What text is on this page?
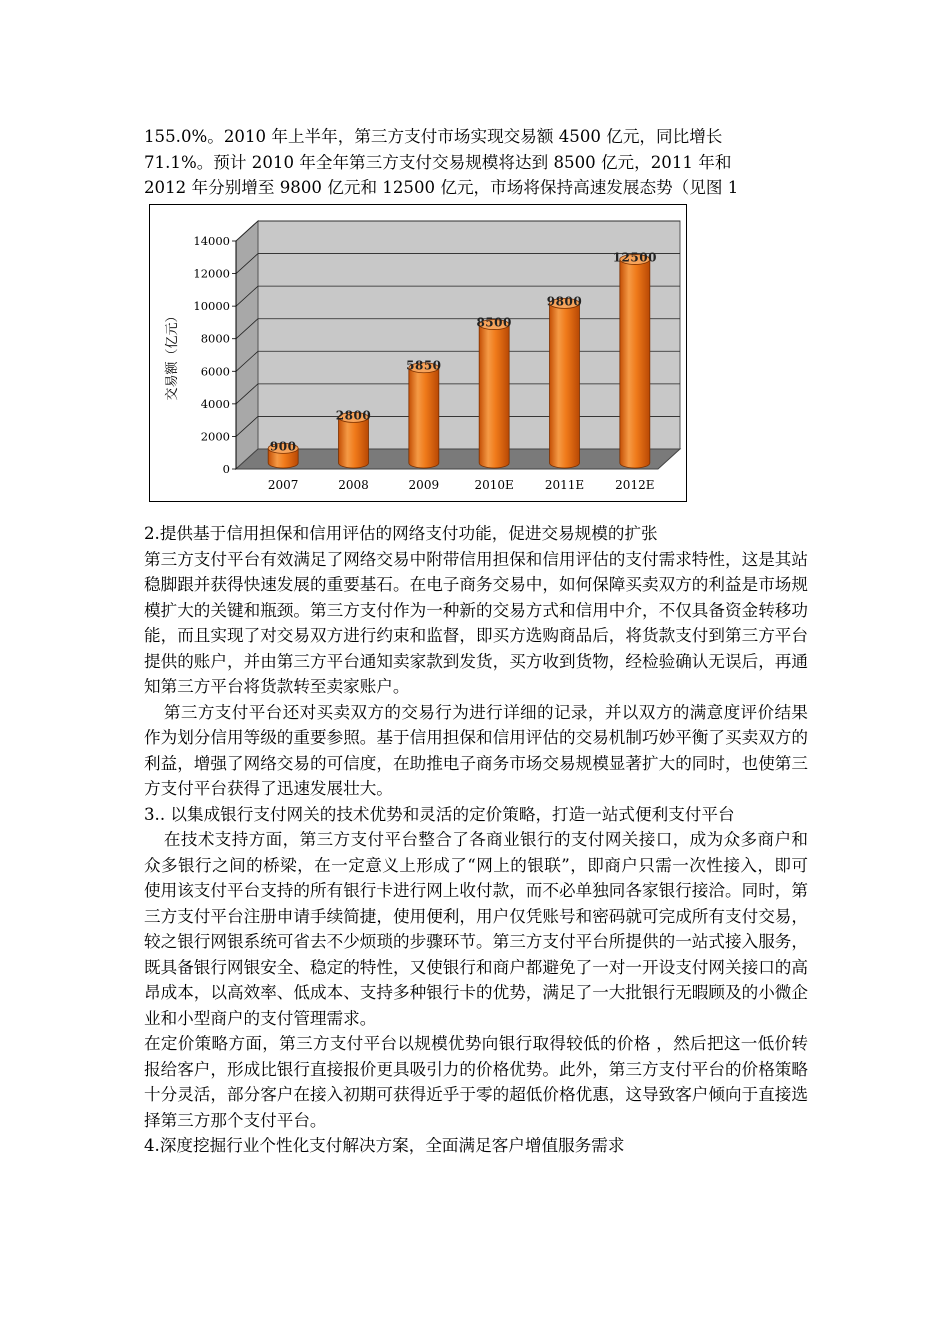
155.0%。2010 年上半年，第三方支付市场实现交易额 4500 亿元，同比增长

71.1%。预计 2010 年全年第三方支付交易规模将达到 8500 亿元，2011 年和

2012 年分别增至 9800 亿元和 12500 亿元，市场将保持高速发展态势（见图 1

0
2000
4000
6000
8000
10000
12000
14000
交易额（亿元）
900
2007
2800
2008
5850
2009
8500
2010E
9800
2011E
12500
2012E

2.提供基于信用担保和信用评估的网络支付功能，促进交易规模的扩张

第三方支付平台有效满足了网络交易中附带信用担保和信用评估的支付需求特性，这是其站稳脚跟并获得快速发展的重要基石。在电子商务交易中，如何保障买卖双方的利益是市场规模扩大的关键和瓶颈。第三方支付作为一种新的交易方式和信用中介，不仅具备资金转移功能，而且实现了对交易双方进行约束和监督，即买方选购商品后，将货款支付到第三方平台提供的账户，并由第三方平台通知卖家款到发货，买方收到货物，经检验确认无误后，再通知第三方平台将货款转至卖家账户。

第三方支付平台还对买卖双方的交易行为进行详细的记录，并以双方的满意度评价结果作为划分信用等级的重要参照。基于信用担保和信用评估的交易机制巧妙平衡了买卖双方的利益，增强了网络交易的可信度，在助推电子商务市场交易规模显著扩大的同时，也使第三方支付平台获得了迅速发展壮大。

3.. 以集成银行支付网关的技术优势和灵活的定价策略，打造一站式便利支付平台

在技术支持方面，第三方支付平台整合了各商业银行的支付网关接口，成为众多商户和众多银行之间的桥梁，在一定意义上形成了“网上的银联”，即商户只需一次性接入，即可使用该支付平台支持的所有银行卡进行网上收付款，而不必单独同各家银行接洽。同时，第三方支付平台注册申请手续简捷，使用便利，用户仅凭账号和密码就可完成所有支付交易，较之银行网银系统可省去不少烦琐的步骤环节。第三方支付平台所提供的一站式接入服务，既具备银行网银安全、稳定的特性，又使银行和商户都避免了一对一开设支付网关接口的高昂成本，以高效率、低成本、支持多种银行卡的优势，满足了一大批银行无暇顾及的小微企业和小型商户的支付管理需求。

在定价策略方面，第三方支付平台以规模优势向银行取得较低的价格 ，然后把这一低价转报给客户，形成比银行直接报价更具吸引力的价格优势。此外，第三方支付平台的价格策略十分灵活，部分客户在接入初期可获得近乎于零的超低价格优惠，这导致客户倾向于直接选择第三方那个支付平台。

4.深度挖掘行业个性化支付解决方案，全面满足客户增值服务需求
